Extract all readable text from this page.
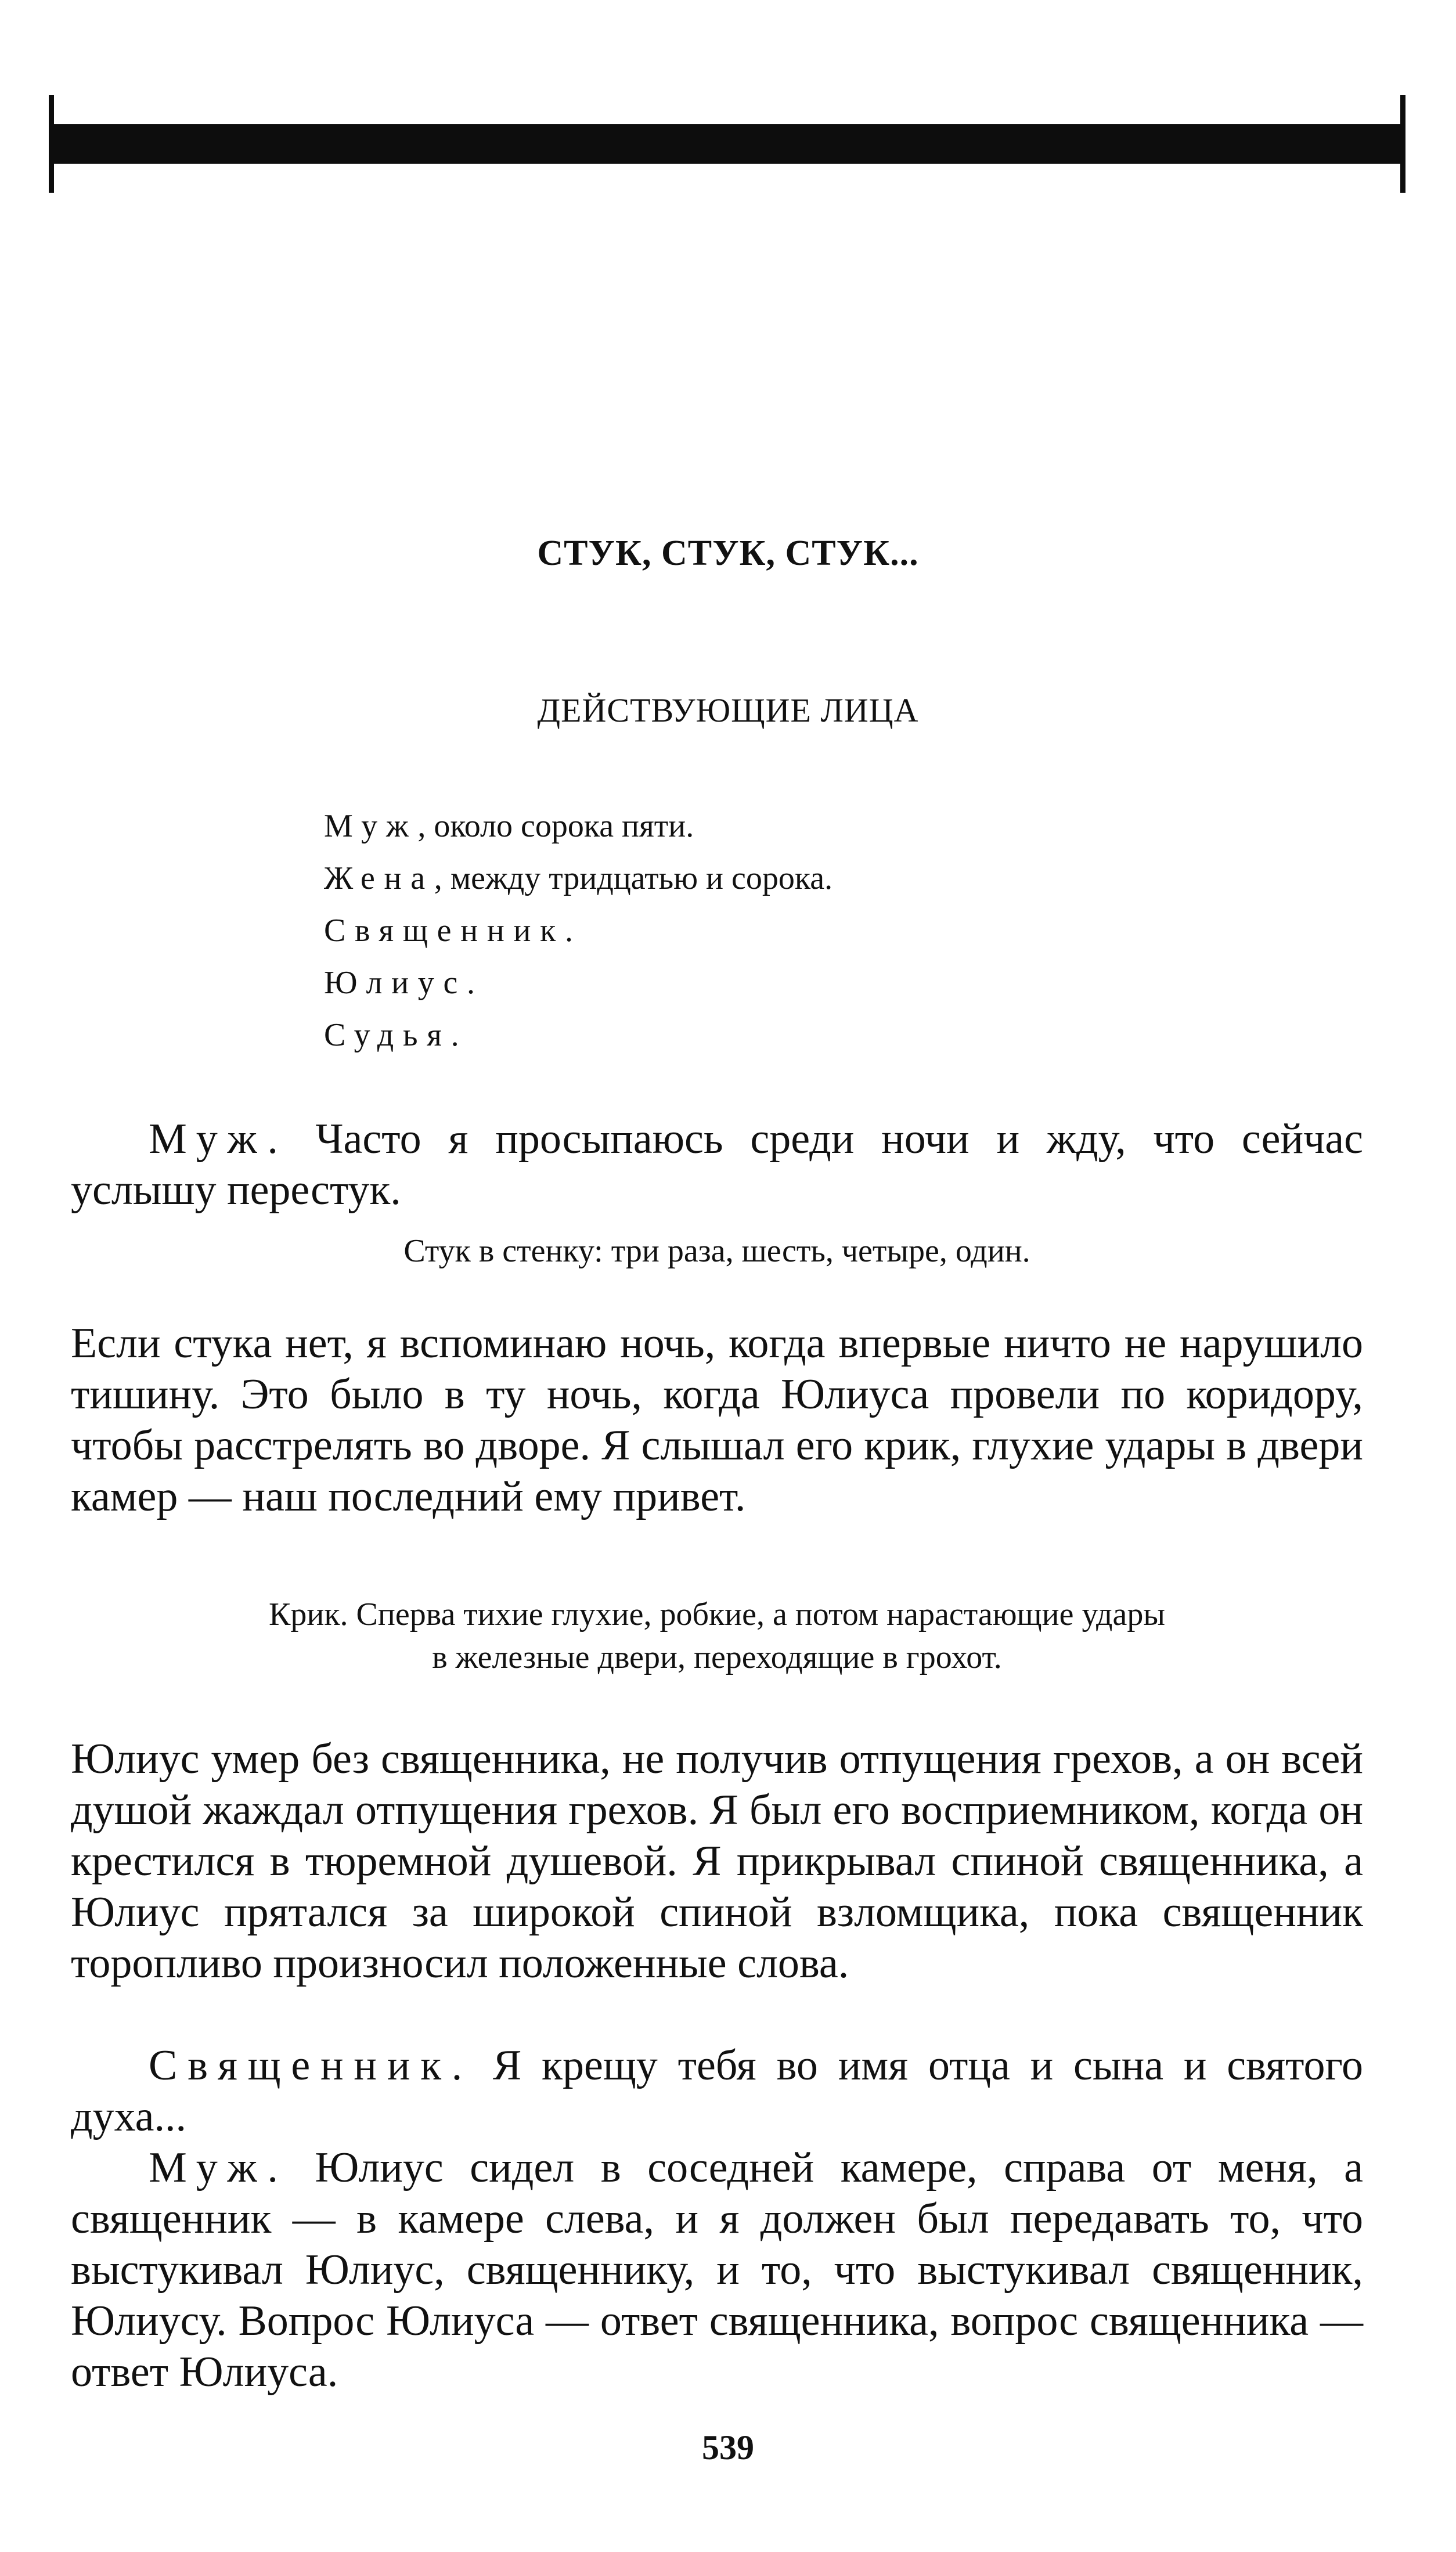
СТУК, СТУК, СТУК...
ДЕЙСТВУЮЩИЕ ЛИЦА
Муж, около сорока пяти.
Жена, между тридцатью и сорока.
Священник.
Юлиус.
Судья.

Муж. Часто я просыпаюсь среди ночи и жду, что сейчас услышу перестук.

Стук в стенку: три раза, шесть, четыре, один.

Если стука нет, я вспоминаю ночь, когда впервые ничто не нарушило тишину. Это было в ту ночь, когда Юлиуса провели по коридору, чтобы расстрелять во дворе. Я слышал его крик, глухие удары в двери камер — наш последний ему привет.

Крик. Сперва тихие глухие, робкие, а потом нарастающие удары
в железные двери, переходящие в грохот.

Юлиус умер без священника, не получив отпущения грехов, а он всей душой жаждал отпущения грехов. Я был его восприемником, когда он крестился в тюремной душевой. Я прикрывал спиной священника, а Юлиус прятался за широкой спиной взломщика, пока священник торопливо произносил положенные слова.

Священник. Я крещу тебя во имя отца и сына и святого духа...

Муж. Юлиус сидел в соседней камере, справа от меня, а священник — в камере слева, и я должен был передавать то, что выстукивал Юлиус, священнику, и то, что выстукивал священник, Юлиусу. Вопрос Юлиуса — ответ священника, вопрос священника — ответ Юлиуса.

539
